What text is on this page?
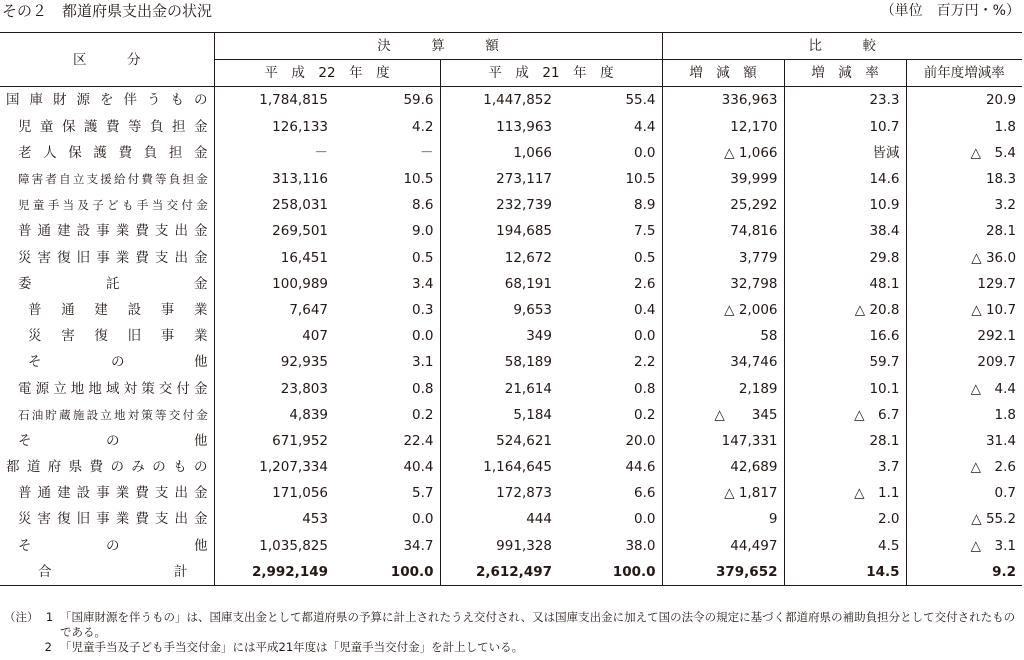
その２　都道府県支出金の状況	（単位　百万円・%）
区　　　分	決　　　算　　　額				比　　　較		
	平　成　22　年　度		平　成　21　年　度		増　減　額	増　減　率	前年度増減率

国庫財源を伴うもの	1,784,815	59.6	1,447,852	55.4	336,963	23.3	20.9

児童保護費等負担金	126,133	4.2	113,963	4.4	12,170	10.7	1.8

老人保護費負担金	－	－	1,066	0.0	△ 1,066	皆減	△　5.4

障害者自立支援給付費等負担金	313,116	10.5	273,117	10.5	39,999	14.6	18.3

児童手当及子ども手当交付金	258,031	8.6	232,739	8.9	25,292	10.9	3.2

普通建設事業費支出金	269,501	9.0	194,685	7.5	74,816	38.4	28.1

災害復旧事業費支出金	16,451	0.5	12,672	0.5	3,779	29.8	△ 36.0

委　託　金	100,989	3.4	68,191	2.6	32,798	48.1	129.7

普通建設事業	7,647	0.3	9,653	0.4	△ 2,006	△ 20.8	△ 10.7

災害復旧事業	407	0.0	349	0.0	58	16.6	292.1

そ　の　他	92,935	3.1	58,189	2.2	34,746	59.7	209.7

電源立地地域対策交付金	23,803	0.8	21,614	0.8	2,189	10.1	△　4.4

石油貯蔵施設立地対策等交付金	4,839	0.2	5,184	0.2	△　　345	△　6.7	1.8

そ　の　他	671,952	22.4	524,621	20.0	147,331	28.1	31.4

都道府県費のみのもの	1,207,334	40.4	1,164,645	44.6	42,689	3.7	△　2.6

普通建設事業費支出金	171,056	5.7	172,873	6.6	△ 1,817	△　1.1	0.7

災害復旧事業費支出金	453	0.0	444	0.0	9	2.0	△ 55.2

そ　の　他	1,035,825	34.7	991,328	38.0	44,497	4.5	△　3.1

合　　計	2,992,149	100.0	2,612,497	100.0	379,652	14.5	9.2
（注） 1 「国庫財源を伴うもの」は、国庫支出金として都道府県の予算に計上されたうえ交付され、又は国庫支出金に加えて国の法令の規定に基づく都道府県の補助負担分として交付されたものである。
2 「児童手当及子ども手当交付金」には平成21年度は「児童手当交付金」を計上している。
